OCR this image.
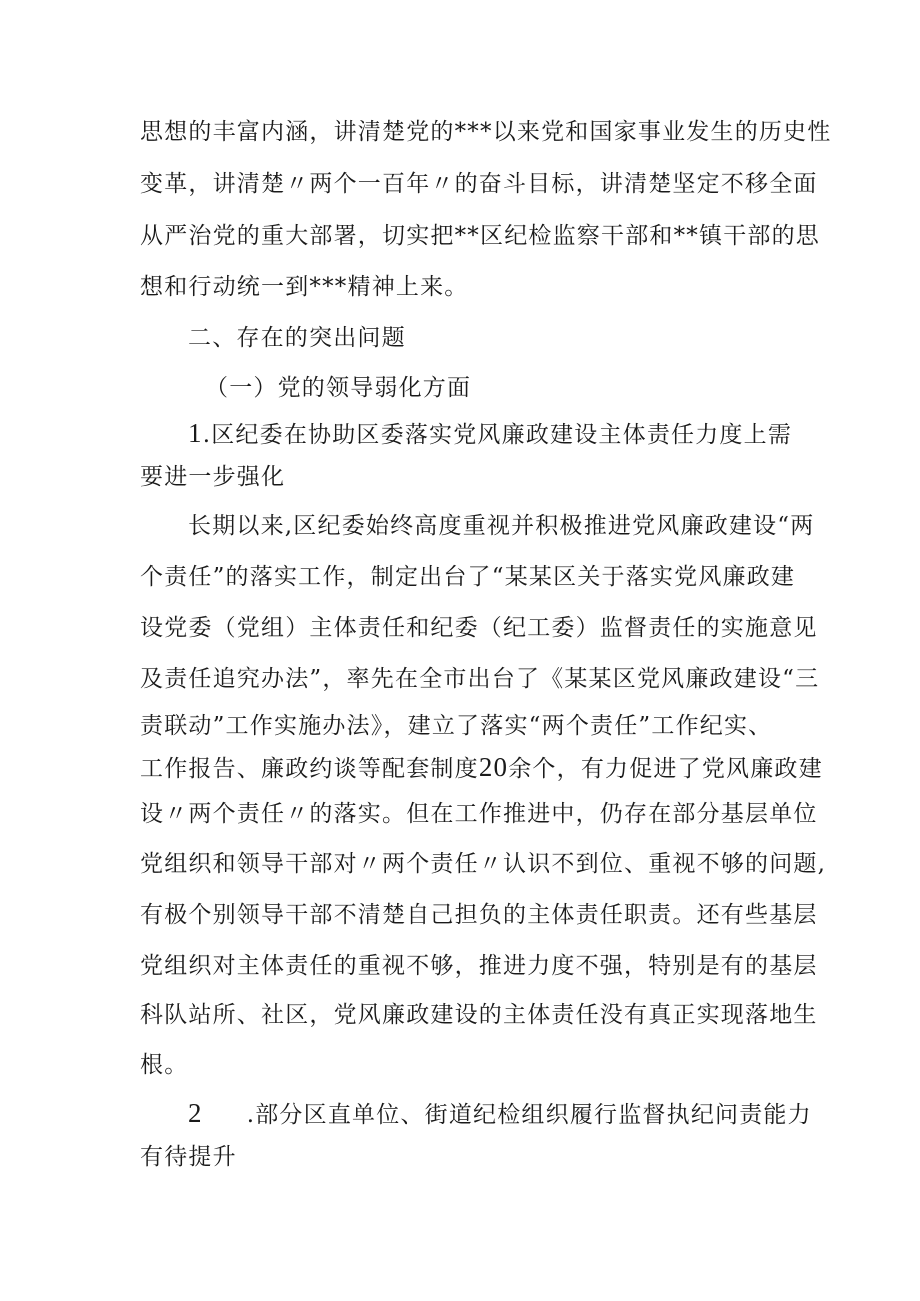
思想的丰富内涵，讲清楚党的***以来党和国家事业发生的历史性
变革，讲清楚〃两个一百年〃的奋斗目标，讲清楚坚定不移全面
从严治党的重大部署，切实把**区纪检监察干部和**镇干部的思
想和行动统一到***精神上来。
二、存在的突出问题
（一）党的领导弱化方面
1.区纪委在协助区委落实党风廉政建设主体责任力度上需
要进一步强化
长期以来,区纪委始终高度重视并积极推进党风廉政建设“两
个责任”的落实工作，制定出台了“某某区关于落实党风廉政建
设党委（党组）主体责任和纪委（纪工委）监督责任的实施意见
及责任追究办法”，率先在全市出台了《某某区党风廉政建设“三
责联动”工作实施办法》，建立了落实“两个责任”工作纪实、
工作报告、廉政约谈等配套制度20余个，有力促进了党风廉政建
设〃两个责任〃的落实。但在工作推进中，仍存在部分基层单位
党组织和领导干部对〃两个责任〃认识不到位、重视不够的问题,
有极个别领导干部不清楚自己担负的主体责任职责。还有些基层
党组织对主体责任的重视不够，推进力度不强，特别是有的基层
科队站所、社区，党风廉政建设的主体责任没有真正实现落地生
根。
2 .部分区直单位、街道纪检组织履行监督执纪问责能力
有待提升
